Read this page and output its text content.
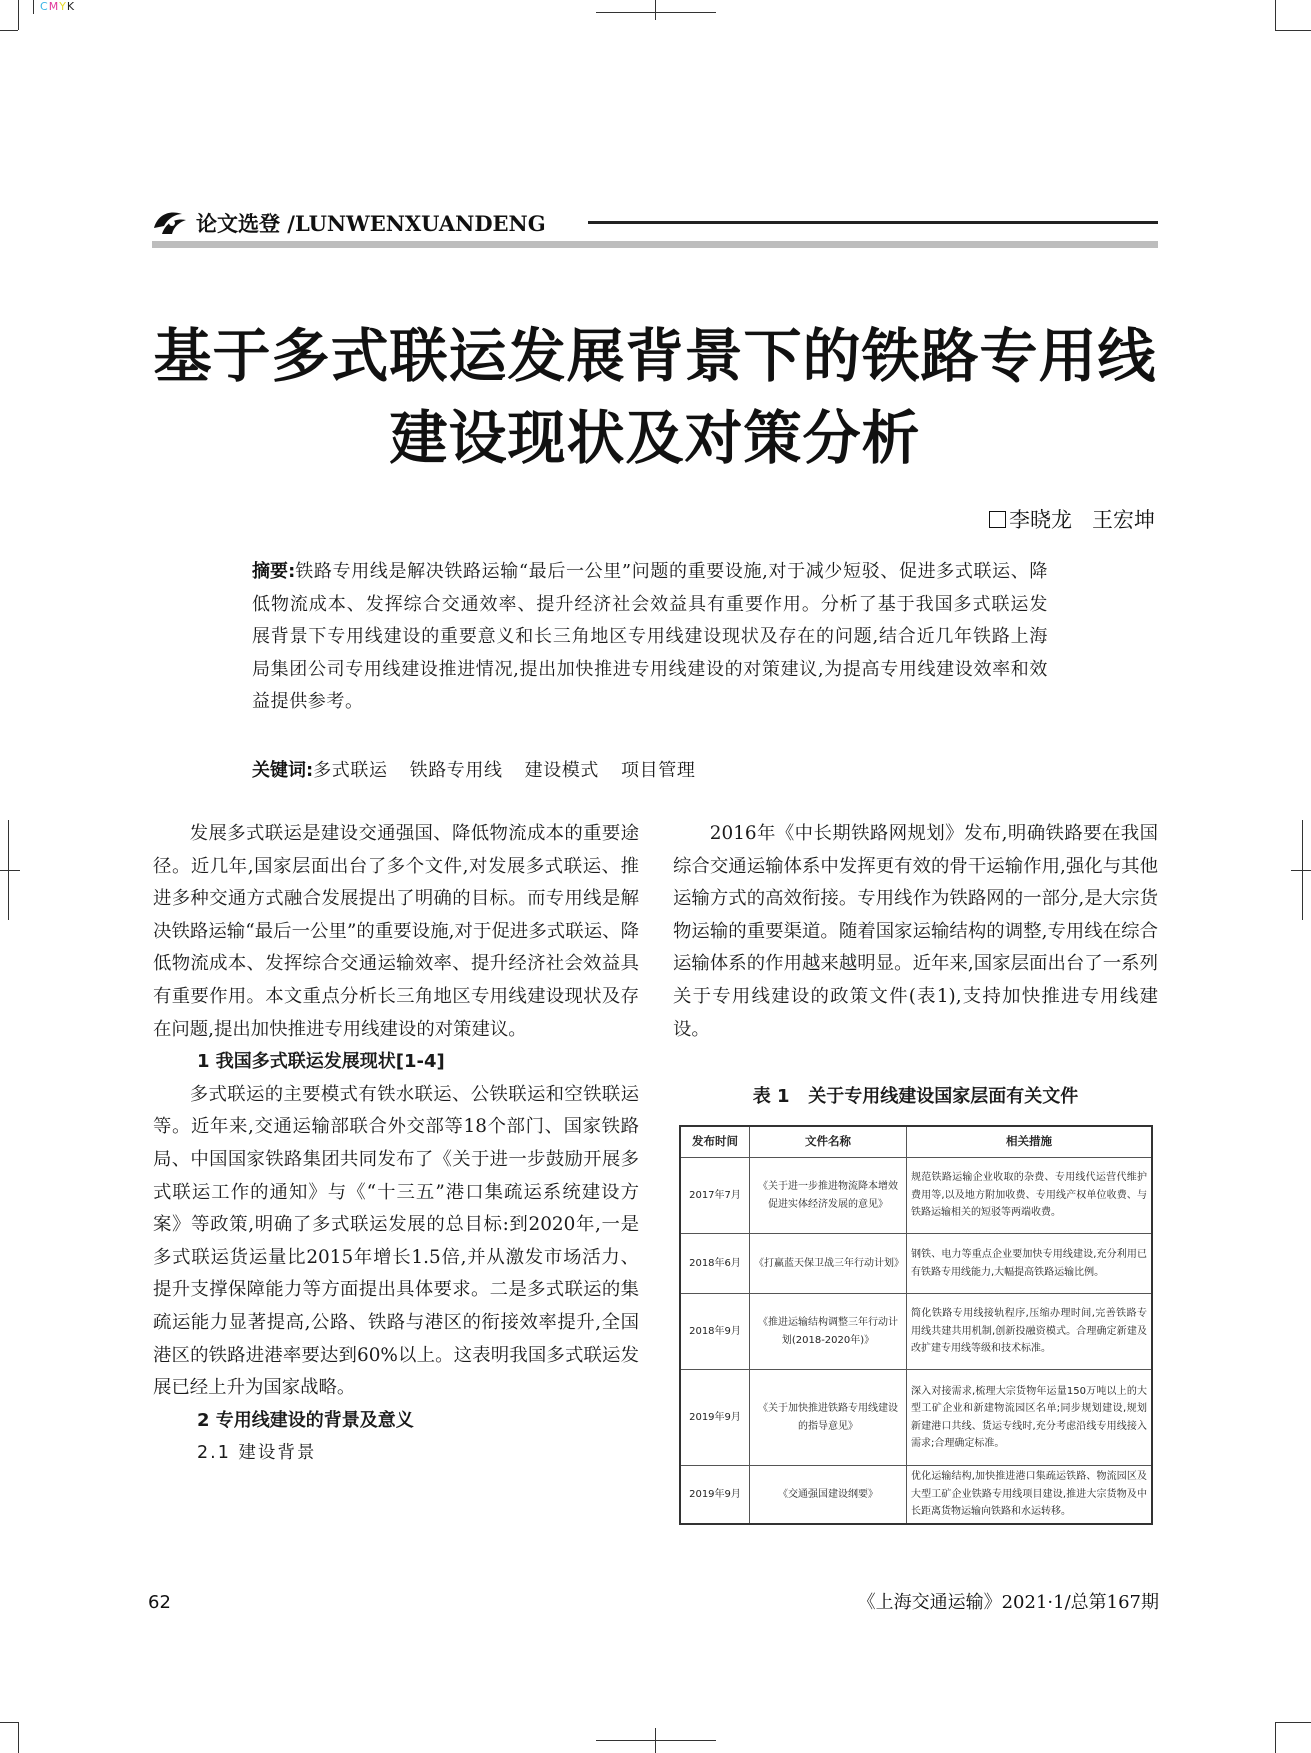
CMYK
论文选登 /LUNWENXUANDENG
基于多式联运发展背景下的铁路专用线
建设现状及对策分析
李晓龙   王宏坤
摘要:铁路专用线是解决铁路运输“最后一公里”问题的重要设施,对于减少短驳、促进多式联运、降低物流成本、发挥综合交通效率、提升经济社会效益具有重要作用。分析了基于我国多式联运发展背景下专用线建设的重要意义和长三角地区专用线建设现状及存在的问题,结合近几年铁路上海局集团公司专用线建设推进情况,提出加快推进专用线建设的对策建议,为提高专用线建设效率和效益提供参考。
关键词:多式联运 铁路专用线 建设模式 项目管理

发展多式联运是建设交通强国、降低物流成本的重要途径。近几年,国家层面出台了多个文件,对发展多式联运、推进多种交通方式融合发展提出了明确的目标。而专用线是解决铁路运输“最后一公里”的重要设施,对于促进多式联运、降低物流成本、发挥综合交通运输效率、提升经济社会效益具有重要作用。本文重点分析长三角地区专用线建设现状及存在问题,提出加快推进专用线建设的对策建议。

1 我国多式联运发展现状[1-4]

多式联运的主要模式有铁水联运、公铁联运和空铁联运等。近年来,交通运输部联合外交部等18个部门、国家铁路局、中国国家铁路集团共同发布了《关于进一步鼓励开展多式联运工作的通知》与《“十三五”港口集疏运系统建设方案》等政策,明确了多式联运发展的总目标:到2020年,一是多式联运货运量比2015年增长1.5倍,并从激发市场活力、提升支撑保障能力等方面提出具体要求。二是多式联运的集疏运能力显著提高,公路、铁路与港区的衔接效率提升,全国港区的铁路进港率要达到60%以上。这表明我国多式联运发展已经上升为国家战略。

2 专用线建设的背景及意义
2.1 建设背景

2016年《中长期铁路网规划》发布,明确铁路要在我国综合交通运输体系中发挥更有效的骨干运输作用,强化与其他运输方式的高效衔接。专用线作为铁路网的一部分,是大宗货物运输的重要渠道。随着国家运输结构的调整,专用线在综合运输体系的作用越来越明显。近年来,国家层面出台了一系列关于专用线建设的政策文件(表1),支持加快推进专用线建设。

表 1   关于专用线建设国家层面有关文件
发布时间	文件名称	相关措施
2017年7月	《关于进一步推进物流降本增效促进实体经济发展的意见》	规范铁路运输企业收取的杂费、专用线代运营代维护费用等,以及地方附加收费、专用线产权单位收费、与铁路运输相关的短驳等两端收费。
2018年6月	《打赢蓝天保卫战三年行动计划》	钢铁、电力等重点企业要加快专用线建设,充分利用已有铁路专用线能力,大幅提高铁路运输比例。
2018年9月	《推进运输结构调整三年行动计划(2018-2020年)》	简化铁路专用线接轨程序,压缩办理时间,完善铁路专用线共建共用机制,创新投融资模式。合理确定新建及改扩建专用线等级和技术标准。
2019年9月	《关于加快推进铁路专用线建设的指导意见》	深入对接需求,梳理大宗货物年运量150万吨以上的大型工矿企业和新建物流园区名单;同步规划建设,规划新建港口共线、货运专线时,充分考虑沿线专用线接入需求;合理确定标准。
2019年9月	《交通强国建设纲要》	优化运输结构,加快推进港口集疏运铁路、物流园区及大型工矿企业铁路专用线项目建设,推进大宗货物及中长距离货物运输向铁路和水运转移。
62	《上海交通运输》2021·1/总第167期
